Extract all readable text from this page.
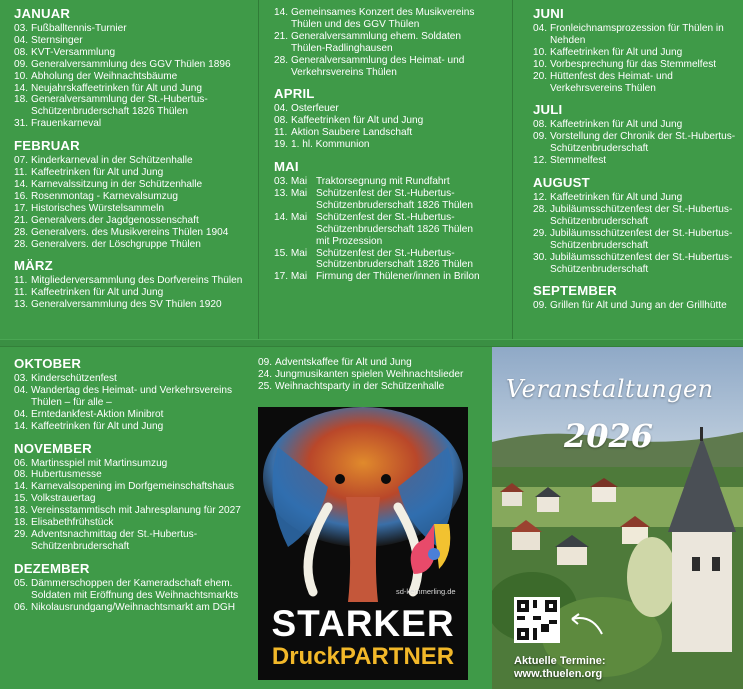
JANUAR
03. Fußballtennis-Turnier
04. Sternsinger
08. KVT-Versammlung
09. Generalversammlung des GGV Thülen 1896
10. Abholung der Weihnachtsbäume
14. Neujahrskaffeetrinken für Alt und Jung
18. Generalversammlung der St.-Hubertus-Schützenbruderschaft 1826 Thülen
31. Frauenkarneval
FEBRUAR
07. Kinderkarneval in der Schützenhalle
11. Kaffeetrinken für Alt und Jung
14. Karnevalssitzung in der Schützenhalle
16. Rosenmontag - Karnevalsumzug
17. Historisches Würstelsammeln
21. Generalvers.der Jagdgenossenschaft
28. Generalvers. des Musikvereins Thülen 1904
28. Generalvers. der Löschgruppe Thülen
MÄRZ
11. Mitgliederversammlung des Dorfvereins Thülen
11. Kaffeetrinken für Alt und Jung
13. Generalversammlung des SV Thülen 1920
14. Gemeinsames Konzert des Musikvereins Thülen und des GGV Thülen
21. Generalversammlung ehem. Soldaten Thülen-Radlinghausen
28. Generalversammlung des Heimat- und Verkehrsvereins Thülen
APRIL
04. Osterfeuer
08. Kaffeetrinken für Alt und Jung
11. Aktion Saubere Landschaft
19. 1. hl. Kommunion
MAI
03. Mai Traktorsegnung mit Rundfahrt
13. Mai Schützenfest der St.-Hubertus-Schützenbruderschaft 1826 Thülen
14. Mai Schützenfest der St.-Hubertus-Schützenbruderschaft 1826 Thülen mit Prozession
15. Mai Schützenfest der St.-Hubertus-Schützenbruderschaft 1826 Thülen
17. Mai Firmung der Thülener/innen in Brilon
JUNI
04. Fronleichnamsprozession für Thülen in Nehden
10. Kaffeetrinken für Alt und Jung
10. Vorbesprechung für das Stemmelfest
20. Hüttenfest des Heimat- und Verkehrsvereins Thülen
JULI
08. Kaffeetrinken für Alt und Jung
09. Vorstellung der Chronik der St.-Hubertus-Schützenbruderschaft
12. Stemmelfest
AUGUST
12. Kaffeetrinken für Alt und Jung
28. Jubiläumsschützenfest der St.-Hubertus-Schützenbruderschaft
29. Jubiläumsschützenfest der St.-Hubertus-Schützenbruderschaft
30. Jubiläumsschützenfest der St.-Hubertus-Schützenbruderschaft
SEPTEMBER
09. Grillen für Alt und Jung an der Grillhütte
OKTOBER
03. Kinderschützenfest
04. Wandertag des Heimat- und Verkehrsvereins Thülen – für alle –
04. Erntedankfest-Aktion Minibrot
14. Kaffeetrinken für Alt und Jung
NOVEMBER
06. Martinsspiel mit Martinsumzug
08. Hubertusmesse
14. Karnevalsopening im Dorfgemeinschaftshaus
15. Volkstrauertag
18. Vereinsstammtisch mit Jahresplanung für 2027
18. Elisabethfrühstück
29. Adventsnachmittag der St.-Hubertus-Schützenbruderschaft
DEZEMBER
05. Dämmerschoppen der Kameradschaft ehem. Soldaten mit Eröffnung des Weihnachtsmarkts
06. Nikolausrundgang/Weihnachtsmarkt am DGH
09. Adventskaffee für Alt und Jung
24. Jungmusikanten spielen Weihnachtslieder
25. Weihnachtsparty in der Schützenhalle
sd-kemmerling.de
STARKER
DruckPARTNER
Veranstaltungen
2026
Aktuelle Termine:
www.thuelen.org
